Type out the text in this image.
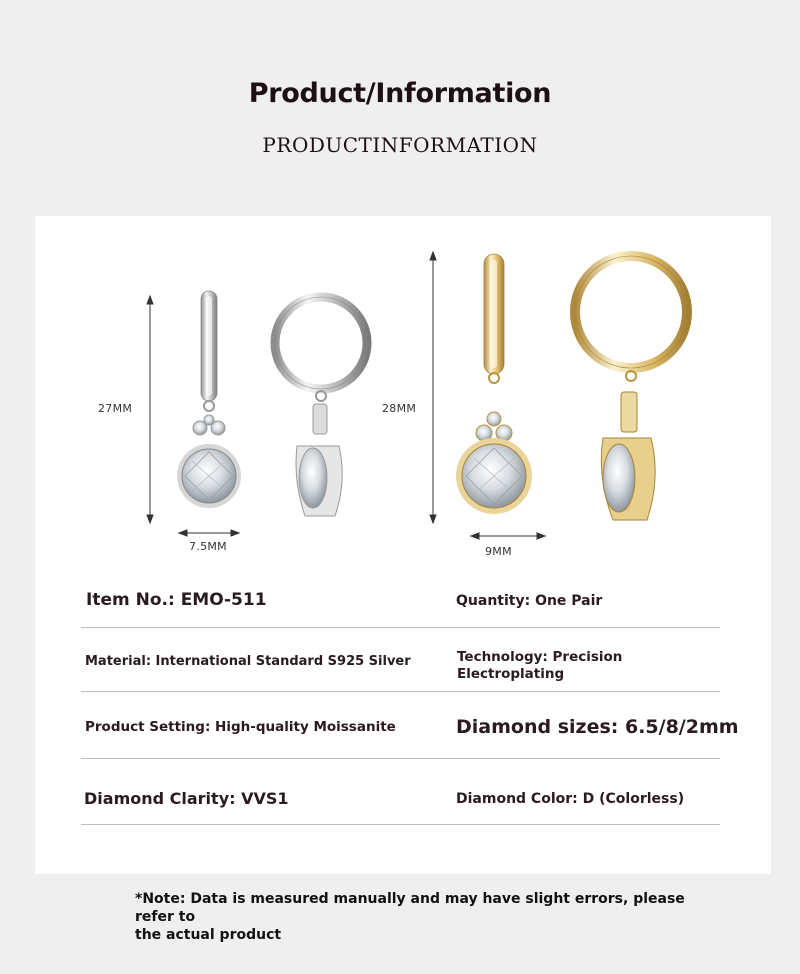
Product/Information
PRODUCTINFORMATION
27MM
7.5MM
28MM
9MM
Item No.: EMO-511	Quantity: One Pair
Material: International Standard S925 Silver	Technology: Precision
Electroplating
Product Setting: High-quality Moissanite	Diamond sizes: 6.5/8/2mm
Diamond Clarity: VVS1	Diamond Color: D (Colorless)
*Note: Data is measured manually and may have slight errors, please refer to
the actual product
